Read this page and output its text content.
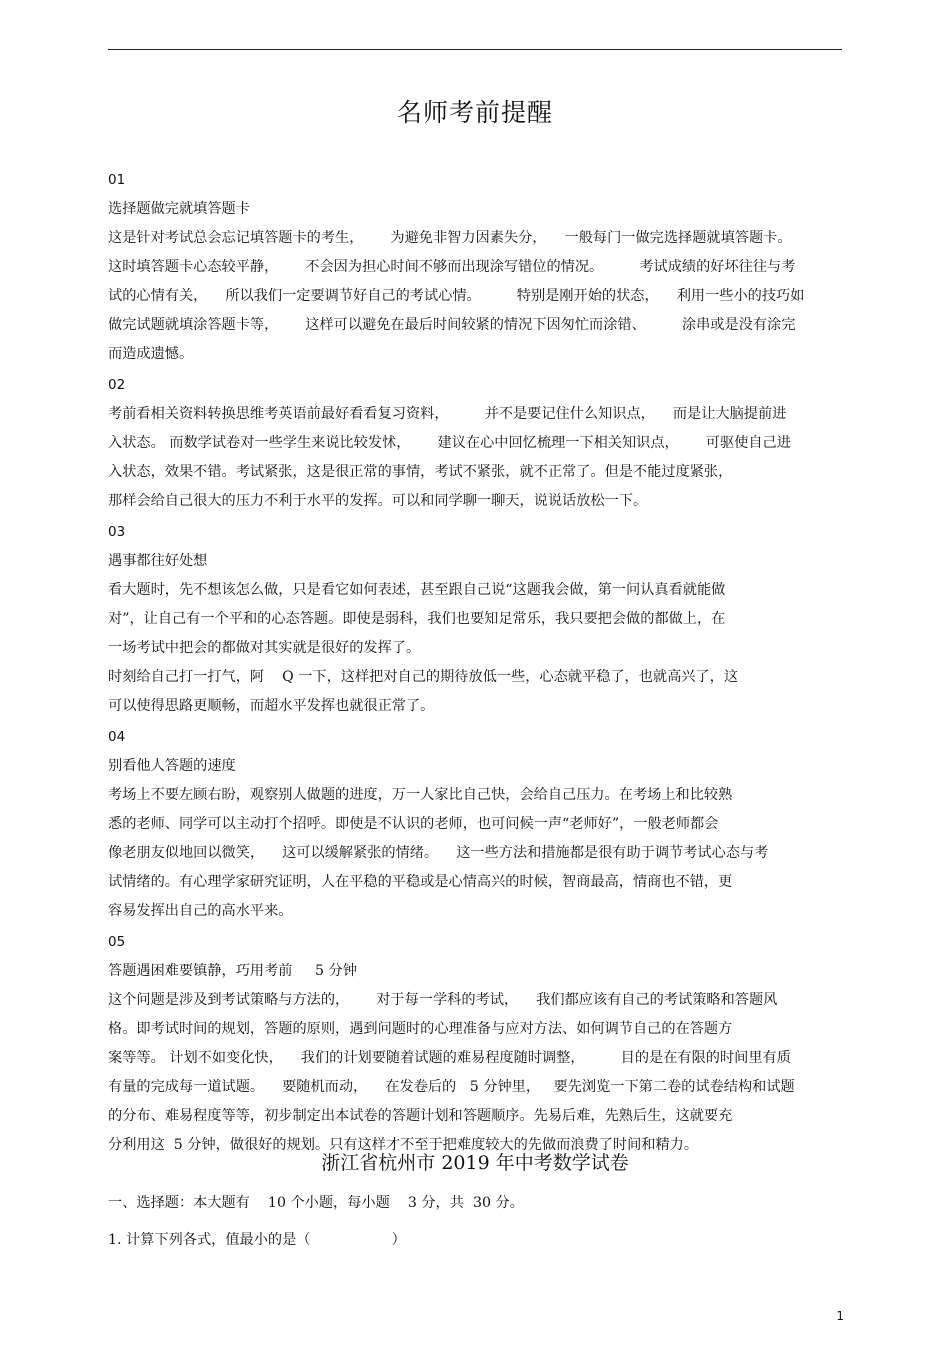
名师考前提醒
01
选择题做完就填答题卡
这是针对考试总会忘记填答题卡的考生，      为避免非智力因素失分，    一般每门一做完选择题就填答题卡。
这时填答题卡心态较平静，      不会因为担心时间不够而出现涂写错位的情况。        考试成绩的好坏往往与考
试的心情有关，    所以我们一定要调节好自己的考试心情。        特别是刚开始的状态，    利用一些小的技巧如
做完试题就填涂答题卡等，      这样可以避免在最后时间较紧的情况下因匆忙而涂错、        涂串或是没有涂完
而造成遗憾。
02
考前看相关资料转换思维考英语前最好看看复习资料，        并不是要记住什么知识点，    而是让大脑提前进
入状态。 而数学试卷对一些学生来说比较发怵，      建议在心中回忆梳理一下相关知识点，      可驱使自己进
入状态，效果不错。考试紧张，这是很正常的事情，考试不紧张，就不正常了。但是不能过度紧张，
那样会给自己很大的压力不利于水平的发挥。可以和同学聊一聊天，说说话放松一下。
03
遇事都往好处想
看大题时，先不想该怎么做，只是看它如何表述，甚至跟自己说“这题我会做，第一问认真看就能做
对”，让自己有一个平和的心态答题。即使是弱科，我们也要知足常乐，我只要把会做的都做上，在
一场考试中把会的都做对其实就是很好的发挥了。
时刻给自己打一打气，阿    Q 一下，这样把对自己的期待放低一些，心态就平稳了，也就高兴了，这
可以使得思路更顺畅，而超水平发挥也就很正常了。
04
别看他人答题的速度
考场上不要左顾右盼，观察别人做题的进度，万一人家比自己快，会给自己压力。在考场上和比较熟
悉的老师、同学可以主动打个招呼。即使是不认识的老师，也可问候一声“老师好”，一般老师都会
像老朋友似地回以微笑，    这可以缓解紧张的情绪。    这一些方法和措施都是很有助于调节考试心态与考
试情绪的。有心理学家研究证明，人在平稳的平稳或是心情高兴的时候，智商最高，情商也不错，更
容易发挥出自己的高水平来。
05
答题遇困难要镇静，巧用考前     5 分钟
这个问题是涉及到考试策略与方法的，      对于每一学科的考试，    我们都应该有自己的考试策略和答题风
格。即考试时间的规划，答题的原则，遇到问题时的心理准备与应对方法、如何调节自己的在答题方
案等等。 计划不如变化快，    我们的计划要随着试题的难易程度随时调整，        目的是在有限的时间里有质
有量的完成每一道试题。    要随机而动，    在发卷后的   5 分钟里，   要先浏览一下第二卷的试卷结构和试题
的分布、难易程度等等，初步制定出本试卷的答题计划和答题顺序。先易后难，先熟后生，这就要充
分利用这  5 分钟，做很好的规划。只有这样才不至于把难度较大的先做而浪费了时间和精力。
浙江省杭州市 2019 年中考数学试卷
一、选择题：本大题有    10 个小题，每小题    3 分，共  30 分。
1. 计算下列各式，值最小的是（                  ）
1
